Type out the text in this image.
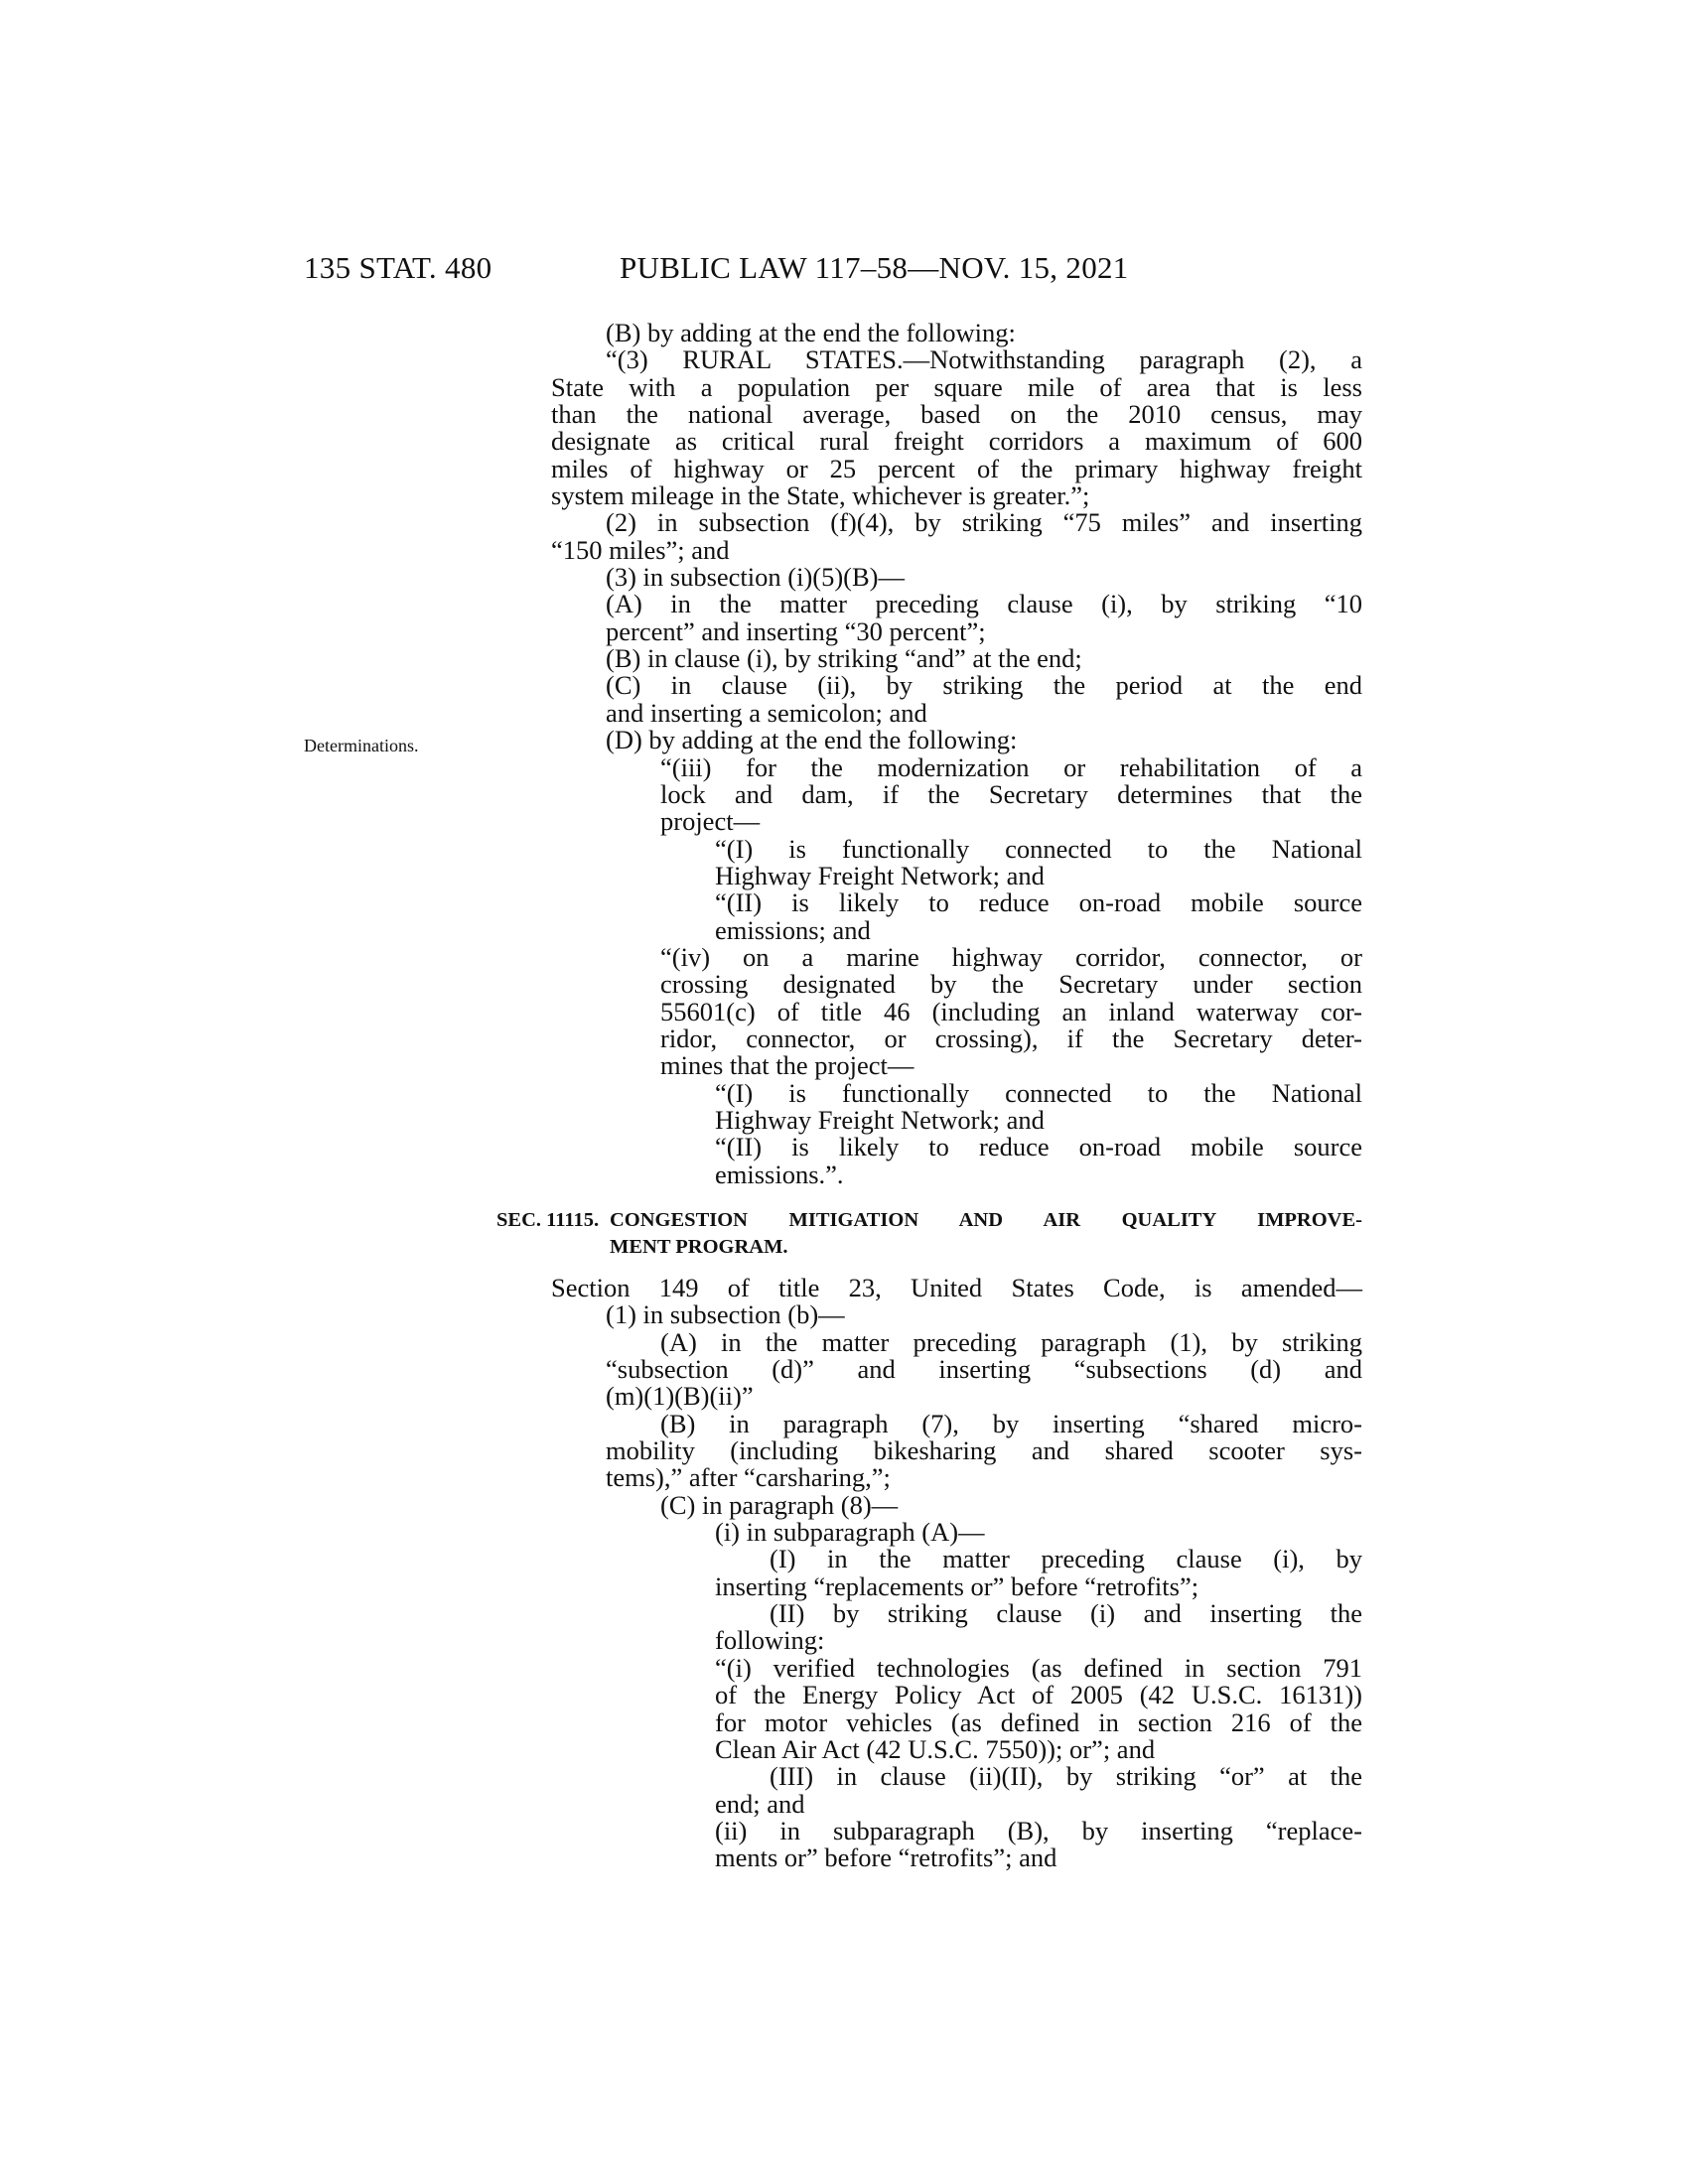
135 STAT. 480	PUBLIC LAW 117–58—NOV. 15, 2021
Determinations.
(B) by adding at the end the following:
“(3) RURAL STATES.—Notwithstanding paragraph (2), a
State with a population per square mile of area that is less
than the national average, based on the 2010 census, may
designate as critical rural freight corridors a maximum of 600
miles of highway or 25 percent of the primary highway freight
system mileage in the State, whichever is greater.”;
(2) in subsection (f)(4), by striking “75 miles” and inserting
“150 miles”; and
(3) in subsection (i)(5)(B)—
(A) in the matter preceding clause (i), by striking “10
percent” and inserting “30 percent”;
(B) in clause (i), by striking “and” at the end;
(C) in clause (ii), by striking the period at the end
and inserting a semicolon; and
(D) by adding at the end the following:
“(iii) for the modernization or rehabilitation of a
lock and dam, if the Secretary determines that the
project—
“(I) is functionally connected to the National
Highway Freight Network; and
“(II) is likely to reduce on-road mobile source
emissions; and
“(iv) on a marine highway corridor, connector, or
crossing designated by the Secretary under section
55601(c) of title 46 (including an inland waterway cor-
ridor, connector, or crossing), if the Secretary deter-
mines that the project—
“(I) is functionally connected to the National
Highway Freight Network; and
“(II) is likely to reduce on-road mobile source
emissions.”.
SEC. 11115. CONGESTION MITIGATION AND AIR QUALITY IMPROVE-
MENT PROGRAM.
Section 149 of title 23, United States Code, is amended—
(1) in subsection (b)—
(A) in the matter preceding paragraph (1), by striking
“subsection (d)” and inserting “subsections (d) and
(m)(1)(B)(ii)”
(B) in paragraph (7), by inserting “shared micro-
mobility (including bikesharing and shared scooter sys-
tems),” after “carsharing,”;
(C) in paragraph (8)—
(i) in subparagraph (A)—
(I) in the matter preceding clause (i), by
inserting “replacements or” before “retrofits”;
(II) by striking clause (i) and inserting the
following:
“(i) verified technologies (as defined in section 791
of the Energy Policy Act of 2005 (42 U.S.C. 16131))
for motor vehicles (as defined in section 216 of the
Clean Air Act (42 U.S.C. 7550)); or”; and
(III) in clause (ii)(II), by striking “or” at the
end; and
(ii) in subparagraph (B), by inserting “replace-
ments or” before “retrofits”; and
